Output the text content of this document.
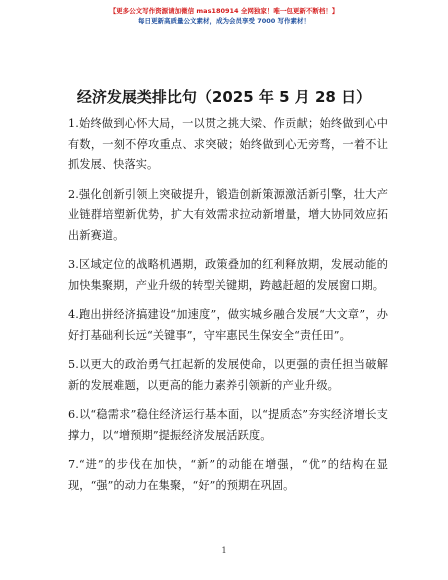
【更多公文写作资源请加微信 mas180914 全网独家！唯一包更新不断档！】
每日更新高质量公文素材，成为会员享受 7000 写作素材！
经济发展类排比句（2025 年 5 月 28 日）

1.始终做到心怀大局，一以贯之挑大梁、作贡献；始终做到心中有数，一刻不停攻重点、求突破；始终做到心无旁骛，一着不让抓发展、快落实。

2.强化创新引领上突破提升，锻造创新策源激活新引擎，壮大产业链群培塑新优势，扩大有效需求拉动新增量，增大协同效应拓出新赛道。

3.区域定位的战略机遇期，政策叠加的红利释放期，发展动能的加快集聚期，产业升级的转型关键期，跨越赶超的发展窗口期。

4.跑出拼经济搞建设“加速度”，做实城乡融合发展“大文章”，办好打基础利长远“关键事”，守牢惠民生保安全“责任田”。

5.以更大的政治勇气扛起新的发展使命，以更强的责任担当破解新的发展难题，以更高的能力素养引领新的产业升级。

6.以“稳需求”稳住经济运行基本面，以“提质态”夯实经济增长支撑力，以“增预期”提振经济发展活跃度。

7.“进”的步伐在加快，“新”的动能在增强，“优”的结构在显现，“强”的动力在集聚，“好”的预期在巩固。

1
